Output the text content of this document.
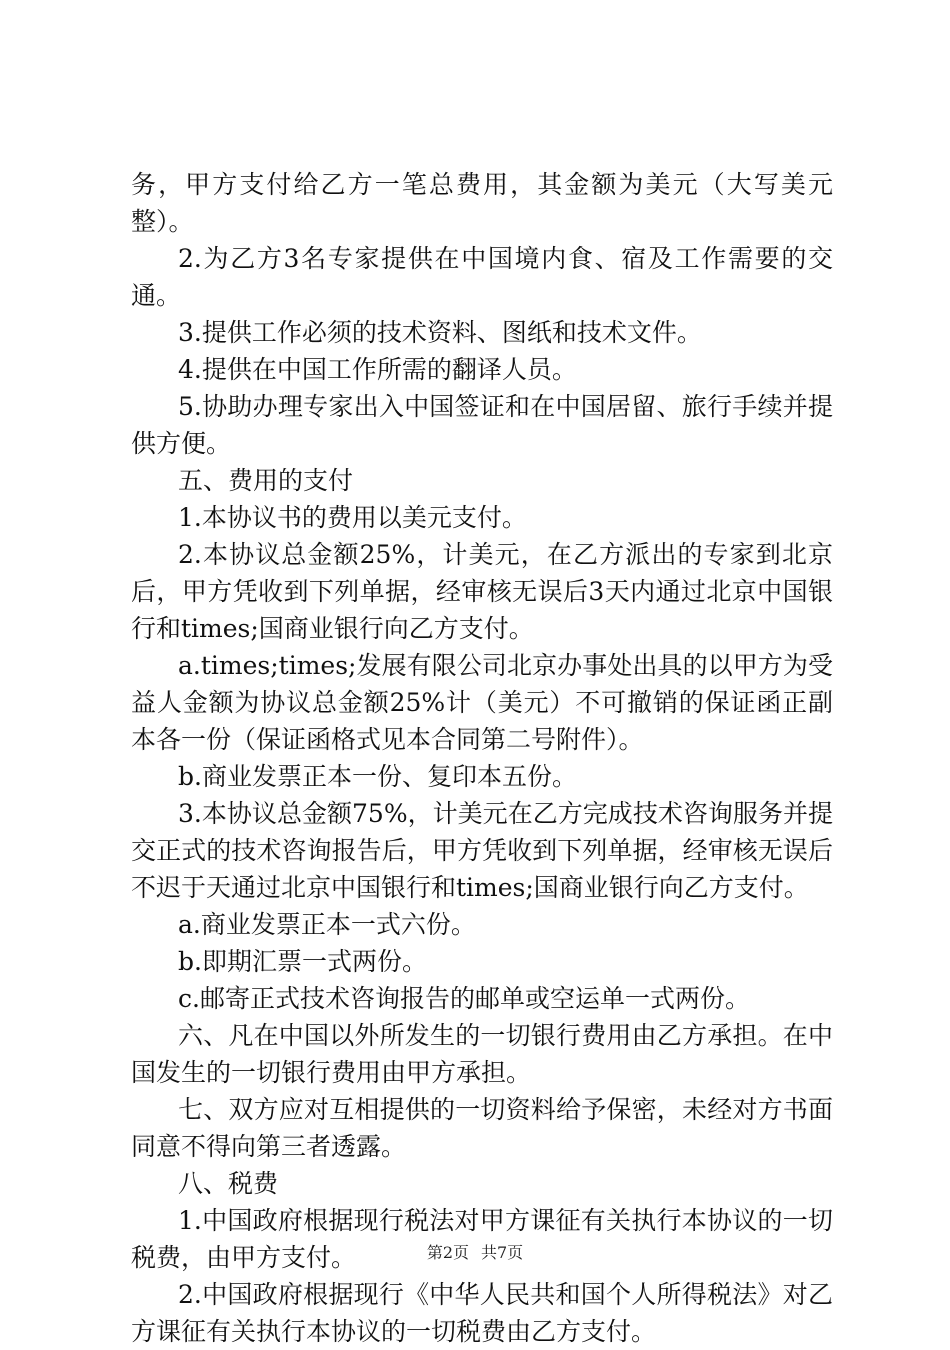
务，甲方支付给乙方一笔总费用，其金额为美元（大写美元整）。

2.为乙方3名专家提供在中国境内食、宿及工作需要的交通。

3.提供工作必须的技术资料、图纸和技术文件。

4.提供在中国工作所需的翻译人员。

5.协助办理专家出入中国签证和在中国居留、旅行手续并提供方便。

五、费用的支付

1.本协议书的费用以美元支付。

2.本协议总金额25%，计美元，在乙方派出的专家到北京后，甲方凭收到下列单据，经审核无误后3天内通过北京中国银行和times;国商业银行向乙方支付。

a.times;times;发展有限公司北京办事处出具的以甲方为受益人金额为协议总金额25%计（美元）不可撤销的保证函正副本各一份（保证函格式见本合同第二号附件）。

b.商业发票正本一份、复印本五份。

3.本协议总金额75%，计美元在乙方完成技术咨询服务并提交正式的技术咨询报告后，甲方凭收到下列单据，经审核无误后不迟于天通过北京中国银行和times;国商业银行向乙方支付。

a.商业发票正本一式六份。

b.即期汇票一式两份。

c.邮寄正式技术咨询报告的邮单或空运单一式两份。

六、凡在中国以外所发生的一切银行费用由乙方承担。在中国发生的一切银行费用由甲方承担。

七、双方应对互相提供的一切资料给予保密，未经对方书面同意不得向第三者透露。

八、税费

1.中国政府根据现行税法对甲方课征有关执行本协议的一切税费，由甲方支付。

2.中国政府根据现行《中华人民共和国个人所得税法》对乙方课征有关执行本协议的一切税费由乙方支付。

第2页 共7页
